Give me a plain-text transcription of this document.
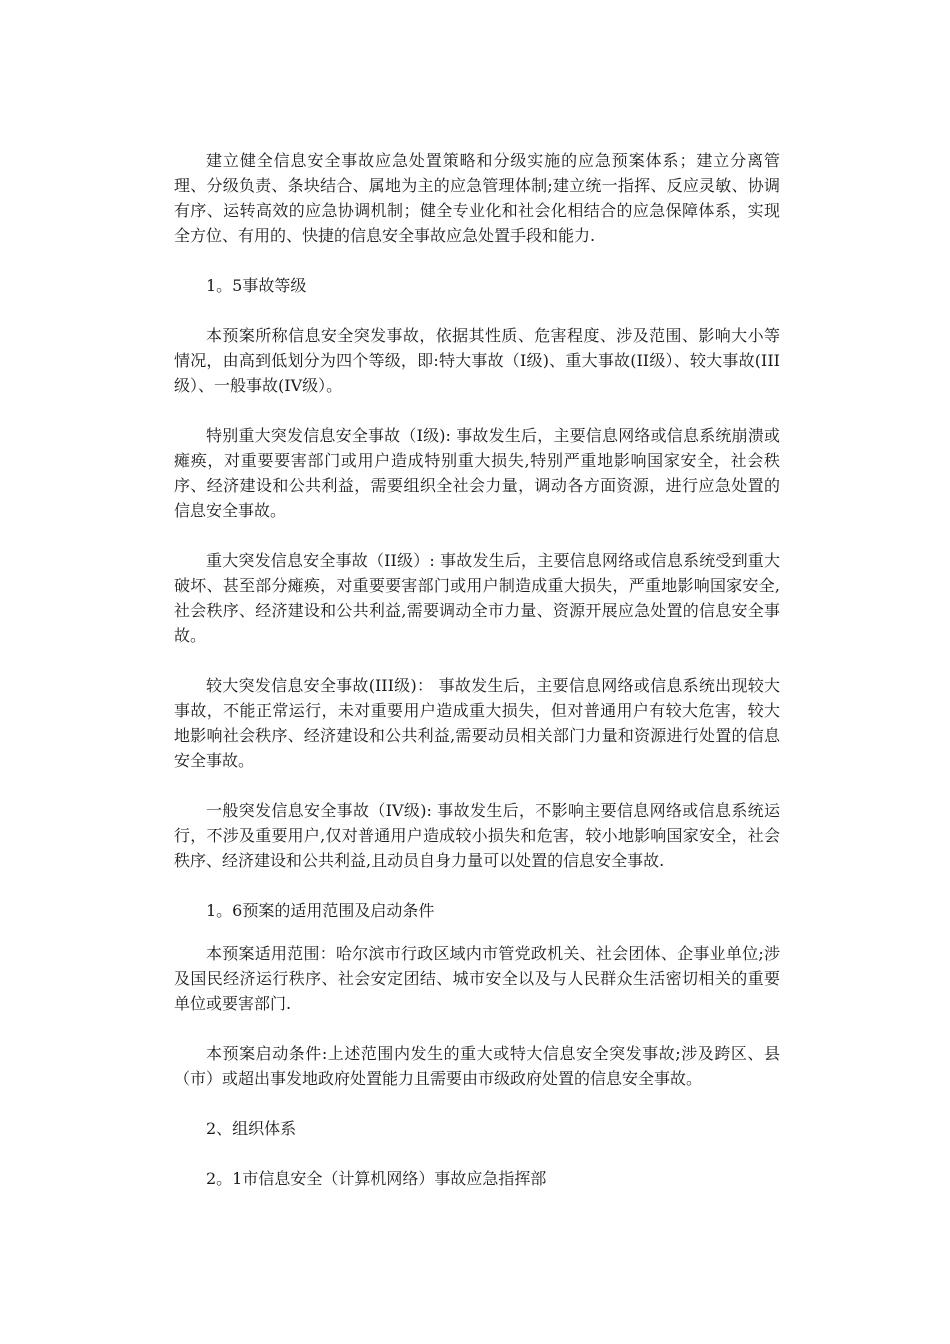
建立健全信息安全事故应急处置策略和分级实施的应急预案体系；建立分离管理、分级负责、条块结合、属地为主的应急管理体制;建立统一指挥、反应灵敏、协调有序、运转高效的应急协调机制；健全专业化和社会化相结合的应急保障体系，实现全方位、有用的、快捷的信息安全事故应急处置手段和能力.

1。5事故等级

本预案所称信息安全突发事故，依据其性质、危害程度、涉及范围、影响大小等情况，由高到低划分为四个等级，即:特大事故（I级)、重大事故(II级）、较大事故(III级）、一般事故(IV级）。

特别重大突发信息安全事故（I级): 事故发生后，主要信息网络或信息系统崩溃或瘫痪，对重要要害部门或用户造成特别重大损失,特别严重地影响国家安全，社会秩序、经济建设和公共利益，需要组织全社会力量，调动各方面资源，进行应急处置的信息安全事故。

重大突发信息安全事故（II级）: 事故发生后，主要信息网络或信息系统受到重大破坏、甚至部分瘫痪，对重要要害部门或用户制造成重大损失，严重地影响国家安全,社会秩序、经济建设和公共利益,需要调动全市力量、资源开展应急处置的信息安全事故。

较大突发信息安全事故(III级)： 事故发生后，主要信息网络或信息系统出现较大事故，不能正常运行，未对重要用户造成重大损失，但对普通用户有较大危害，较大地影响社会秩序、经济建设和公共利益,需要动员相关部门力量和资源进行处置的信息安全事故。

一般突发信息安全事故（IV级): 事故发生后，不影响主要信息网络或信息系统运行，不涉及重要用户,仅对普通用户造成较小损失和危害，较小地影响国家安全，社会秩序、经济建设和公共利益,且动员自身力量可以处置的信息安全事故.

1。6预案的适用范围及启动条件

本预案适用范围：哈尔滨市行政区域内市管党政机关、社会团体、企事业单位;涉及国民经济运行秩序、社会安定团结、城市安全以及与人民群众生活密切相关的重要单位或要害部门.

本预案启动条件:上述范围内发生的重大或特大信息安全突发事故;涉及跨区、县（市）或超出事发地政府处置能力且需要由市级政府处置的信息安全事故。

2、组织体系

2。1市信息安全（计算机网络）事故应急指挥部
